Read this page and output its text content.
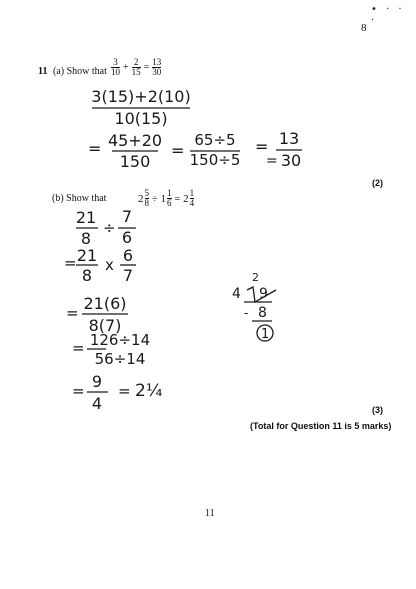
• · · ·
8
11 (a) Show that $\frac{3}{10} + \frac{2}{15} = \frac{13}{30}$
(b) Show that	$2 \frac{5}{8} \div 1 \frac{1}{6} = 2 \frac{1}{4}$
3(15)+2(10)
10(15)
= 45+20
150
=
65÷5
150÷5
= 13
30
=
21
8
÷
7
6
= 21
8
x 6
7
= 21(6)
8(7)
= 126÷14
56÷14
= 9
4
= 2¼
2
4 9
- 8
1
(2)
(3)
(Total for Question 11 is 5 marks)
11
